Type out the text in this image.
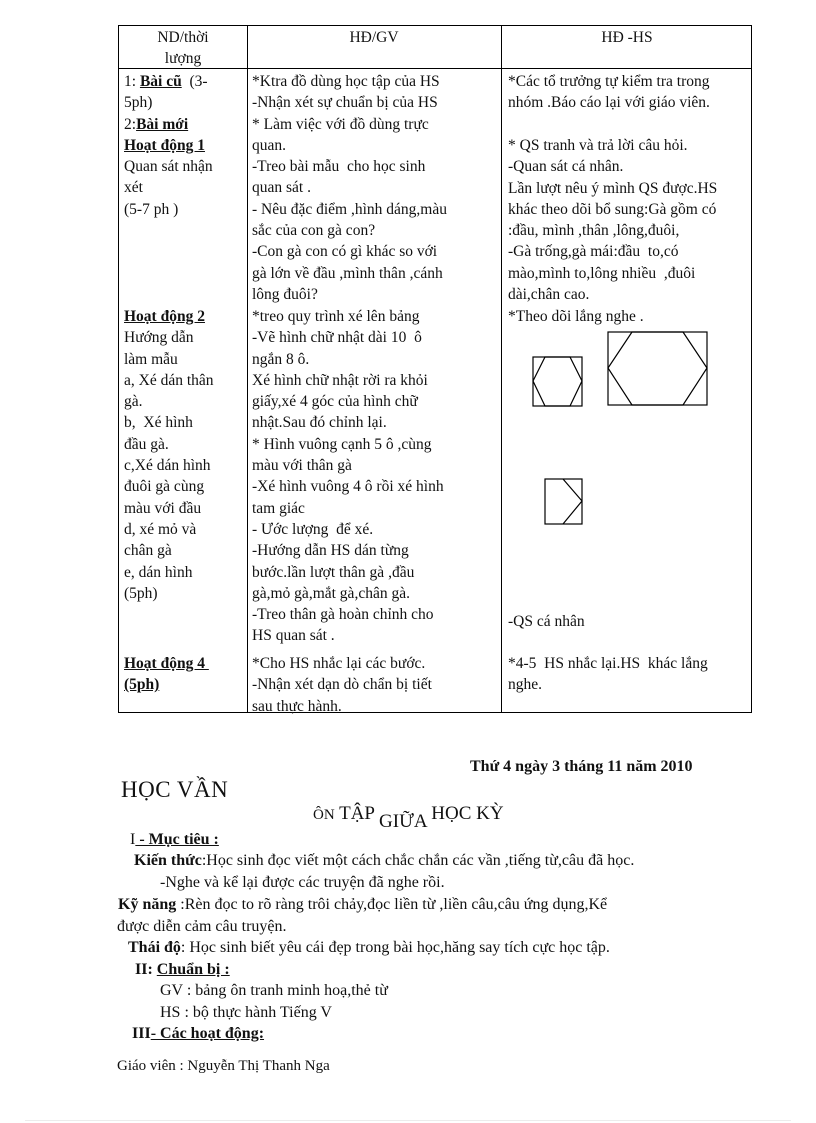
ND/thời
lượng
HĐ/GV	HĐ -HS
1: Bài cũ  (3-
5ph)
2:Bài mới
Hoạt động 1
Quan sát nhận
xét
(5-7 ph )
Hoạt động 2
Hướng dẫn
làm mẫu
a, Xé dán thân
gà.
b,  Xé hình
đầu gà.
c,Xé dán hình
đuôi gà cùng
màu với đầu
d, xé mỏ và
chân gà
e, dán hình
(5ph)
Hoạt động 4
(5ph)
*Ktra đồ dùng học tập của HS
-Nhận xét sự chuẩn bị của HS
* Làm việc với đồ dùng trực
quan.
-Treo bài mẫu  cho học sinh
quan sát .
- Nêu đặc điểm ,hình dáng,màu
sắc của con gà con?
-Con gà con có gì khác so với
gà lớn về đầu ,mình thân ,cánh
lông đuôi?
*treo quy trình xé lên bảng
-Vẽ hình chữ nhật dài 10  ô
ngắn 8 ô.
Xé hình chữ nhật rời ra khỏi
giấy,xé 4 góc của hình chữ
nhật.Sau đó chỉnh lại.
* Hình vuông cạnh 5 ô ,cùng
màu với thân gà
-Xé hình vuông 4 ô rồi xé hình
tam giác
- Ước lượng  để xé.
-Hướng dẫn HS dán từng
bước.lần lượt thân gà ,đầu
gà,mỏ gà,mắt gà,chân gà.
-Treo thân gà hoàn chỉnh cho
HS quan sát .
*Cho HS nhắc lại các bước.
-Nhận xét dạn dò chẩn bị tiết
sau thực hành.
*Các tổ trưởng tự kiểm tra trong
nhóm .Báo cáo lại với giáo viên.
* QS tranh và trả lời câu hỏi.
-Quan sát cá nhân.
Lần lượt nêu ý mình QS được.HS
khác theo dõi bổ sung:Gà gồm có
:đầu, mình ,thân ,lông,đuôi,
-Gà trống,gà mái:đầu  to,có
mào,mình to,lông nhiều  ,đuôi
dài,chân cao.
*Theo dõi lắng nghe .
-QS cá nhân
*4-5  HS nhắc lại.HS  khác lắng
nghe.
Thứ 4 ngày 3 tháng 11 năm 2010
HỌC VẦN
ÔN TẬP GIỮA HỌC KỲ
I - Mục tiêu :
Kiến thức:Học sinh đọc viết một cách chắc chắn các vần ,tiếng từ,câu đã học.
-Nghe và kể lại được các truyện đã nghe rồi.
Kỹ năng :Rèn đọc to rõ ràng trôi chảy,đọc liền từ ,liền câu,câu ứng dụng,Kể
được diễn cảm câu truyện.
Thái độ: Học sinh biết yêu cái đẹp trong bài học,hăng say tích cực học tập.
II: Chuẩn bị :
GV : bảng ôn tranh minh hoạ,thẻ từ
HS : bộ thực hành Tiếng V
III- Các hoạt động:
Giáo viên : Nguyễn Thị Thanh Nga
